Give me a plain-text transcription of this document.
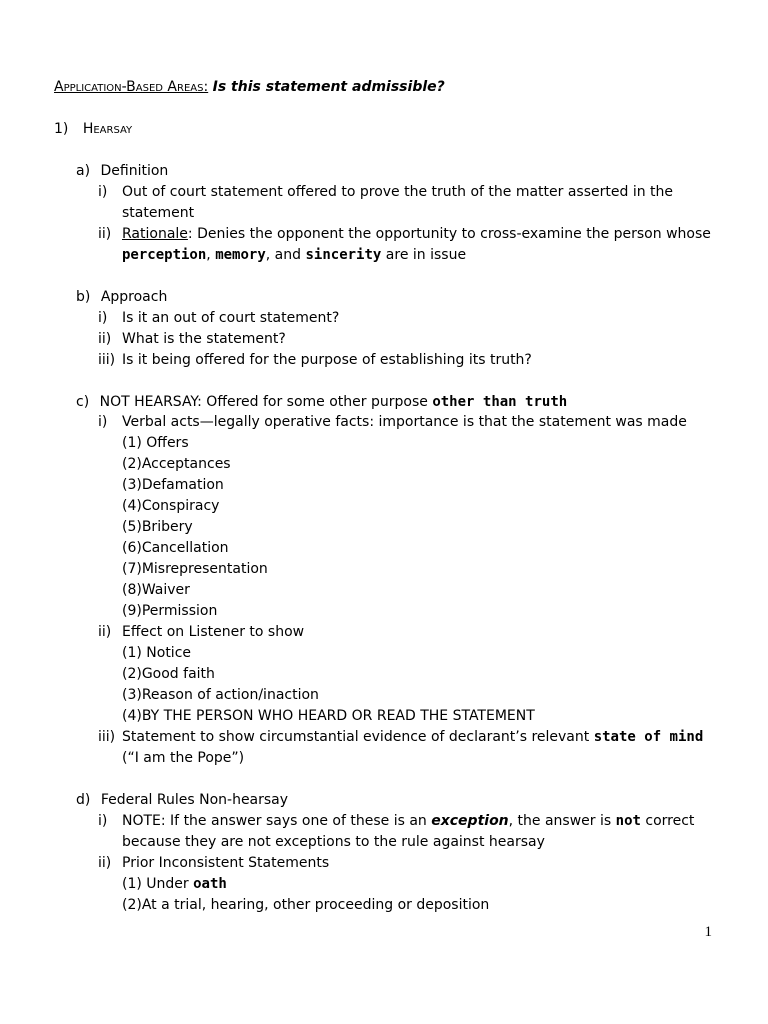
Application-Based Areas: Is this statement admissible?
1) Hearsay
a) Definition
i) Out of court statement offered to prove the truth of the matter asserted in the
statement
ii) Rationale: Denies the opponent the opportunity to cross-examine the person whose
perception, memory, and sincerity are in issue
b) Approach
i) Is it an out of court statement?
ii) What is the statement?
iii) Is it being offered for the purpose of establishing its truth?
c) NOT HEARSAY: Offered for some other purpose other than truth
i) Verbal acts—legally operative facts: importance is that the statement was made
(1) Offers
(2)Acceptances
(3)Defamation
(4)Conspiracy
(5)Bribery
(6)Cancellation
(7)Misrepresentation
(8)Waiver
(9)Permission
ii) Effect on Listener to show
(1) Notice
(2)Good faith
(3)Reason of action/inaction
(4)BY THE PERSON WHO HEARD OR READ THE STATEMENT
iii) Statement to show circumstantial evidence of declarant’s relevant state of mind
(“I am the Pope”)
d) Federal Rules Non-hearsay
i) NOTE: If the answer says one of these is an exception, the answer is not correct
because they are not exceptions to the rule against hearsay
ii) Prior Inconsistent Statements
(1) Under oath
(2)At a trial, hearing, other proceeding or deposition
1
